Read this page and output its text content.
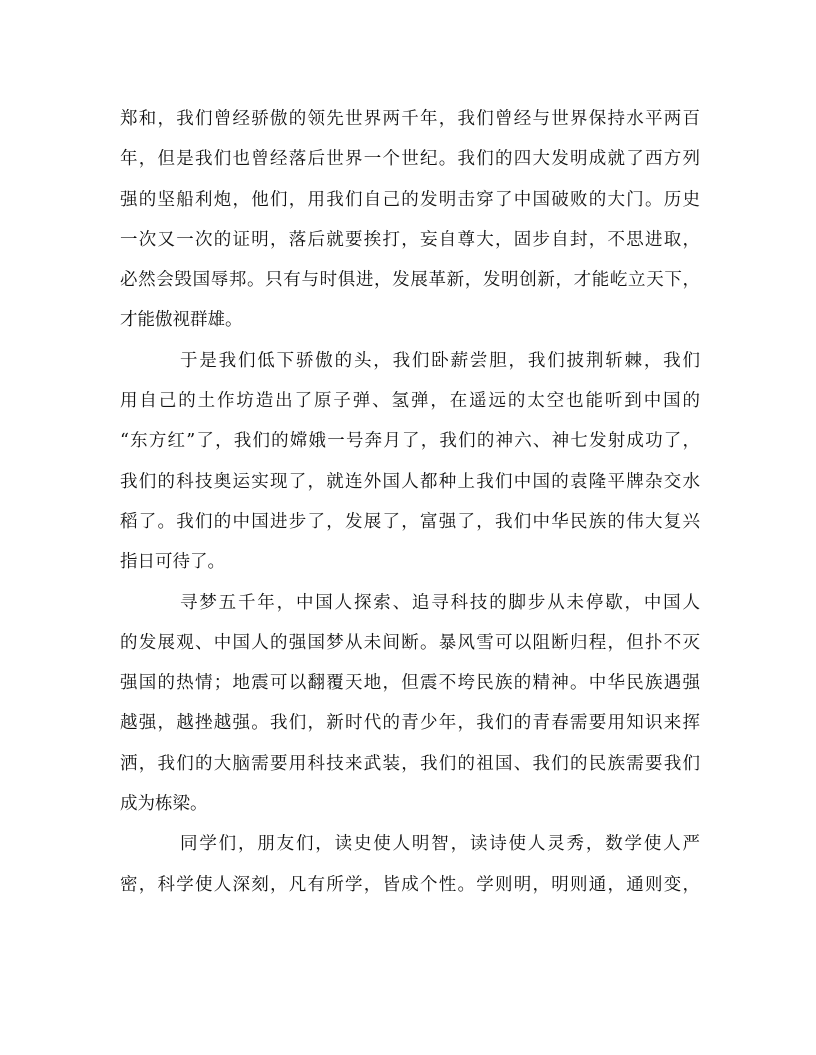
郑和，我们曾经骄傲的领先世界两千年，我们曾经与世界保持水平两百
年，但是我们也曾经落后世界一个世纪。我们的四大发明成就了西方列
强的坚船利炮，他们，用我们自己的发明击穿了中国破败的大门。历史
一次又一次的证明，落后就要挨打，妄自尊大，固步自封，不思进取，
必然会毁国辱邦。只有与时俱进，发展革新，发明创新，才能屹立天下，
才能傲视群雄。
于是我们低下骄傲的头，我们卧薪尝胆，我们披荆斩棘，我们
用自己的土作坊造出了原子弹、氢弹，在遥远的太空也能听到中国的
“东方红”了，我们的嫦娥一号奔月了，我们的神六、神七发射成功了，
我们的科技奥运实现了，就连外国人都种上我们中国的袁隆平牌杂交水
稻了。我们的中国进步了，发展了，富强了，我们中华民族的伟大复兴
指日可待了。
寻梦五千年，中国人探索、追寻科技的脚步从未停歇，中国人
的发展观、中国人的强国梦从未间断。暴风雪可以阻断归程，但扑不灭
强国的热情；地震可以翻覆天地，但震不垮民族的精神。中华民族遇强
越强，越挫越强。我们，新时代的青少年，我们的青春需要用知识来挥
洒，我们的大脑需要用科技来武装，我们的祖国、我们的民族需要我们
成为栋梁。
同学们，朋友们，读史使人明智，读诗使人灵秀，数学使人严
密，科学使人深刻，凡有所学，皆成个性。学则明，明则通，通则变，
